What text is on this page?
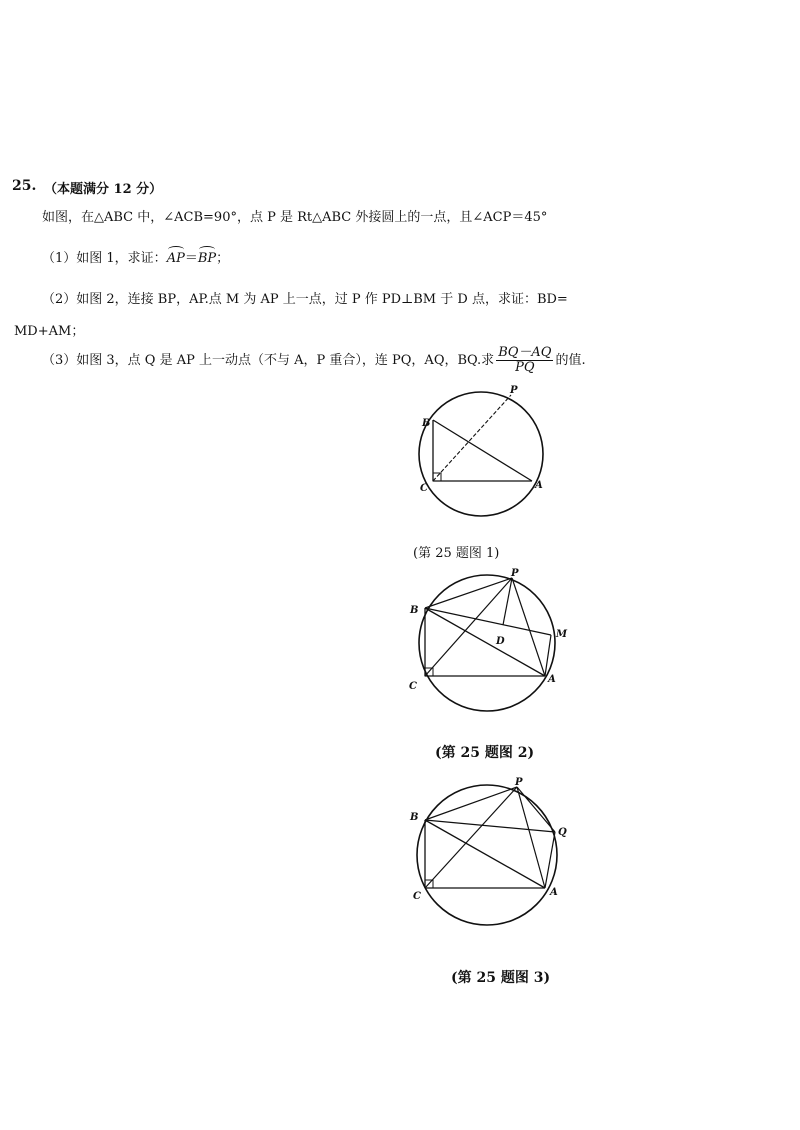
25. （本题满分 12 分）
如图，在△ABC 中，∠ACB=90°，点 P 是 Rt△ABC 外接圆上的一点，且∠ACP＝45°
（1）如图 1，求证：AP＝BP；
（2）如图 2，连接 BP，AP.点 M 为 AP 上一点，过 P 作 PD⊥BM 于 D 点，求证：BD=
MD+AM；
（3）如图 3，点 Q 是 AP 上一动点（不与 A，P 重合），连 PQ，AQ，BQ.求 $\frac{BQ-AQ}{PQ}$ 的值.
B
P
C	A
(第 25 题图 1)
B
P
C
A
D
M
(第 25 题图 2)
B
P
C	A
Q
(第 25 题图 3)
